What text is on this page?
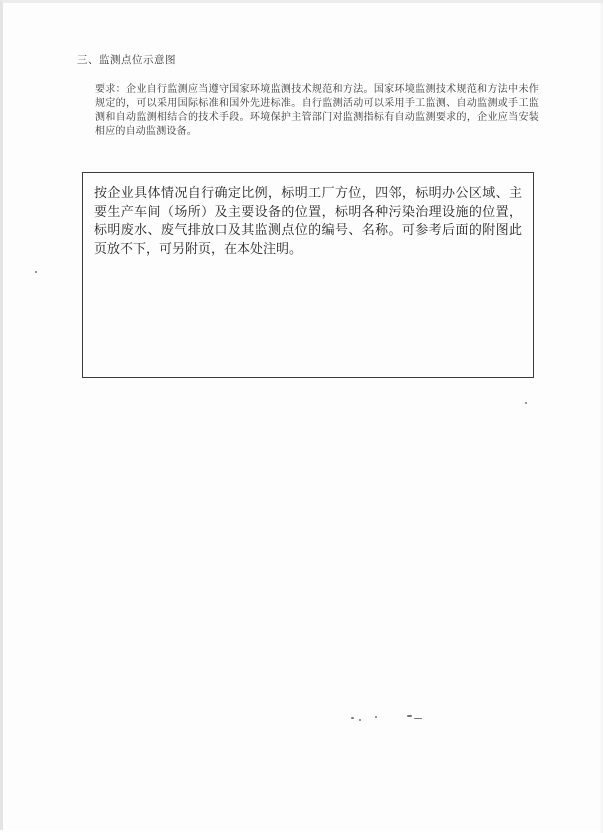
三、监测点位示意图
要求：企业自行监测应当遵守国家环境监测技术规范和方法。国家环境监测技术规范和方法中未作规定的，可以采用国际标准和国外先进标准。自行监测活动可以采用手工监测、自动监测或手工监测和自动监测相结合的技术手段。环境保护主管部门对监测指标有自动监测要求的，企业应当安装相应的自动监测设备。
按企业具体情况自行确定比例，标明工厂方位，四邻，标明办公区域、主要生产车间（场所）及主要设备的位置，标明各种污染治理设施的位置，标明废水、废气排放口及其监测点位的编号、名称。可参考后面的附图此页放不下，可另附页，在本处注明。
